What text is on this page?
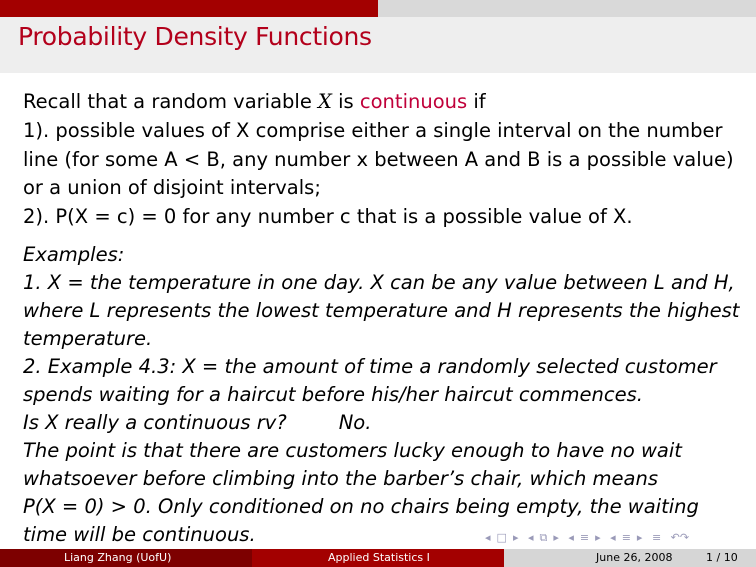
Probability Density Functions
Recall that a random variable X is continuous if
1). possible values of X comprise either a single interval on the number
line (for some A < B, any number x between A and B is a possible value)
or a union of disjoint intervals;
2). P(X = c) = 0 for any number c that is a possible value of X.
Examples:
1. X = the temperature in one day. X can be any value between L and H,
where L represents the lowest temperature and H represents the highest
temperature.
2. Example 4.3: X = the amount of time a randomly selected customer
spends waiting for a haircut before his/her haircut commences.
Is X really a continuous rv?	No.
The point is that there are customers lucky enough to have no wait
whatsoever before climbing into the barber’s chair, which means
P(X = 0) > 0. Only conditioned on no chairs being empty, the waiting
time will be continuous.	◂ □ ▸ ◂ ⧉ ▸ ◂ ≡ ▸ ◂ ≡ ▸ ≡ ↶↷
Liang Zhang (UofU)	Applied Statistics I	June 26, 2008	1 / 10
